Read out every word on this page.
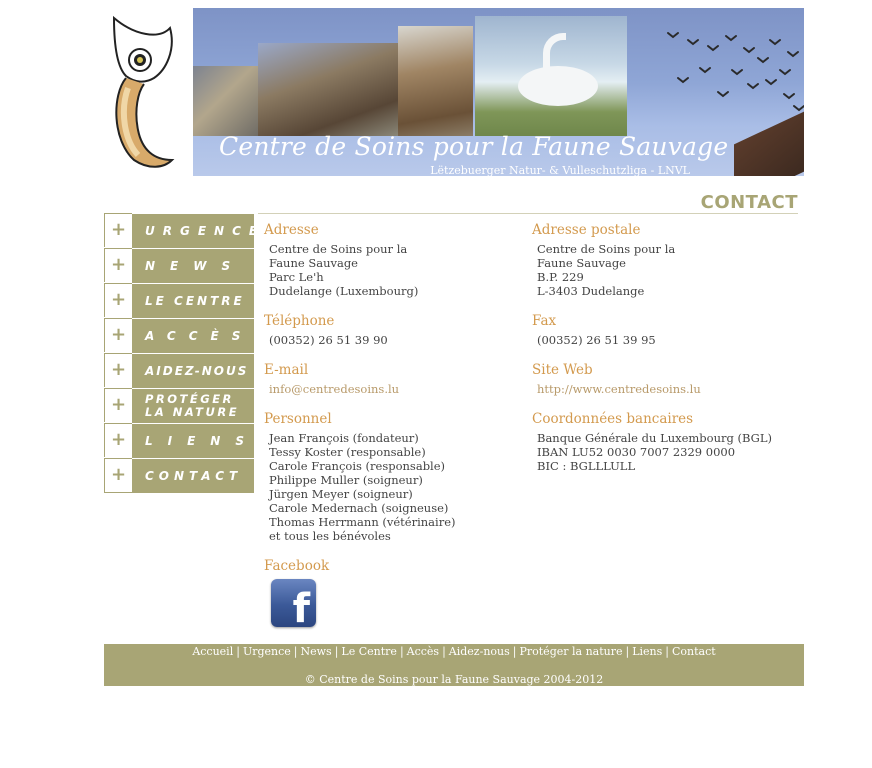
Centre de Soins pour la Faune Sauvage
Lëtzebuerger Natur- & Vulleschutzliga - LNVL
CONTACT
+	URGENCE
+	NEWS
+	LE CENTRE
+	ACCÈS
+	AIDEZ-NOUS
+	PROTÉGER
LA NATURE
+	LIENS
+	CONTACT
Adresse
Centre de Soins pour la
Faune Sauvage
Parc Le'h
Dudelange (Luxembourg)
Téléphone
(00352) 26 51 39 90
E-mail
info@centredesoins.lu
Personnel
Jean François (fondateur)
Tessy Koster (responsable)
Carole François (responsable)
Philippe Muller (soigneur)
Jürgen Meyer (soigneur)
Carole Medernach (soigneuse)
Thomas Herrmann (vétérinaire)
et tous les bénévoles
Facebook
f
Adresse postale
Centre de Soins pour la
Faune Sauvage
B.P. 229
L-3403 Dudelange
Fax
(00352) 26 51 39 95
Site Web
http://www.centredesoins.lu
Coordonnées bancaires
Banque Générale du Luxembourg (BGL)
IBAN LU52 0030 7007 2329 0000
BIC : BGLLLULL
Accueil | Urgence | News | Le Centre | Accès | Aidez-nous | Protéger la nature | Liens | Contact
© Centre de Soins pour la Faune Sauvage 2004-2012
